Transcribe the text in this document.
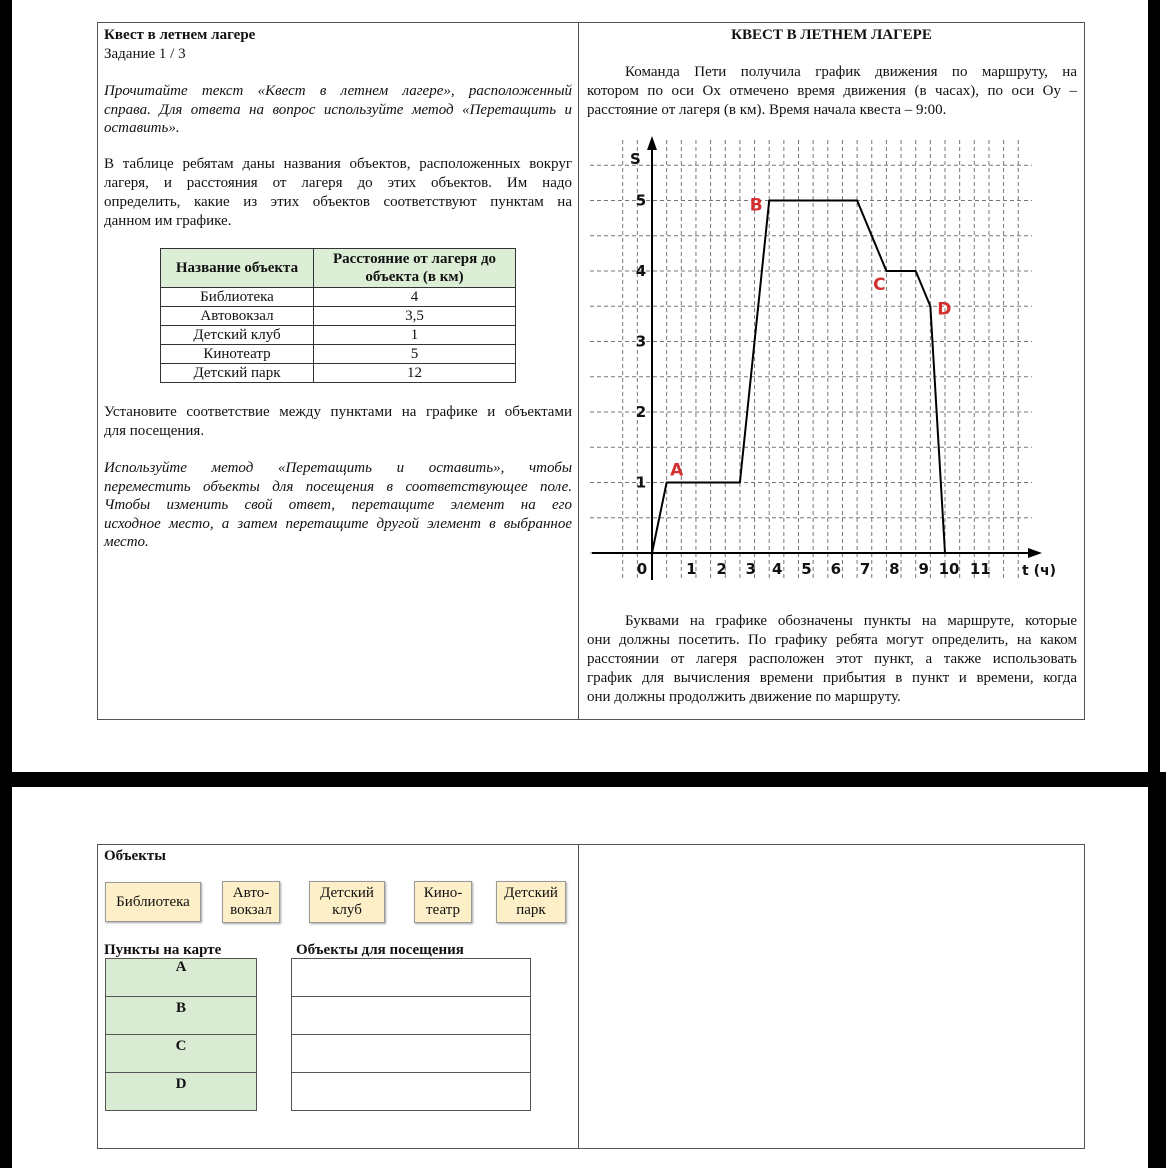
Квест в летнем лагере
Задание 1 / 3
Прочитайте текст «Квест в летнем лагере», расположенный
справа. Для ответа на вопрос используйте метод «Перетащить и
оставить».
В таблице ребятам даны названия объектов, расположенных вокруг
лагеря, и расстояния от лагеря до этих объектов. Им надо
определить, какие из этих объектов соответствуют пунктам на
данном им графике.
Название объекта	Расстояние от лагеря до объекта (в км)
Библиотека	4
Автовокзал	3,5
Детский клуб	1
Кинотеатр	5
Детский парк	12
Установите соответствие между пунктами на графике и объектами
для посещения.
Используйте метод «Перетащить и оставить», чтобы
переместить объекты для посещения в соответствующее поле.
Чтобы изменить свой ответ, перетащите элемент на его
исходное место, а затем перетащите другой элемент в выбранное
место.
КВЕСТ В ЛЕТНЕМ ЛАГЕРЕ
Команда Пети получила график движения по маршруту, на
котором по оси Ox отмечено время движения (в часах), по оси Oy –
расстояние от лагеря (в км). Время начала квеста – 9:00.
0	1 2 3 4 5 6 7 8 9 10 11
1
2
3
4
5
S
t (ч)
A
B
C
D
Буквами на графике обозначены пункты на маршруте, которые
они должны посетить. По графику ребята могут определить, на каком
расстоянии от лагеря расположен этот пункт, а также использовать
график для вычисления времени прибытия в пункт и времени, когда
они должны продолжить движение по маршруту.
Объекты
Библиотека
Авто-
вокзал
Детский
клуб
Кино-
театр
Детский
парк
Пункты на карте	Объекты для посещения
A
B
C
D
